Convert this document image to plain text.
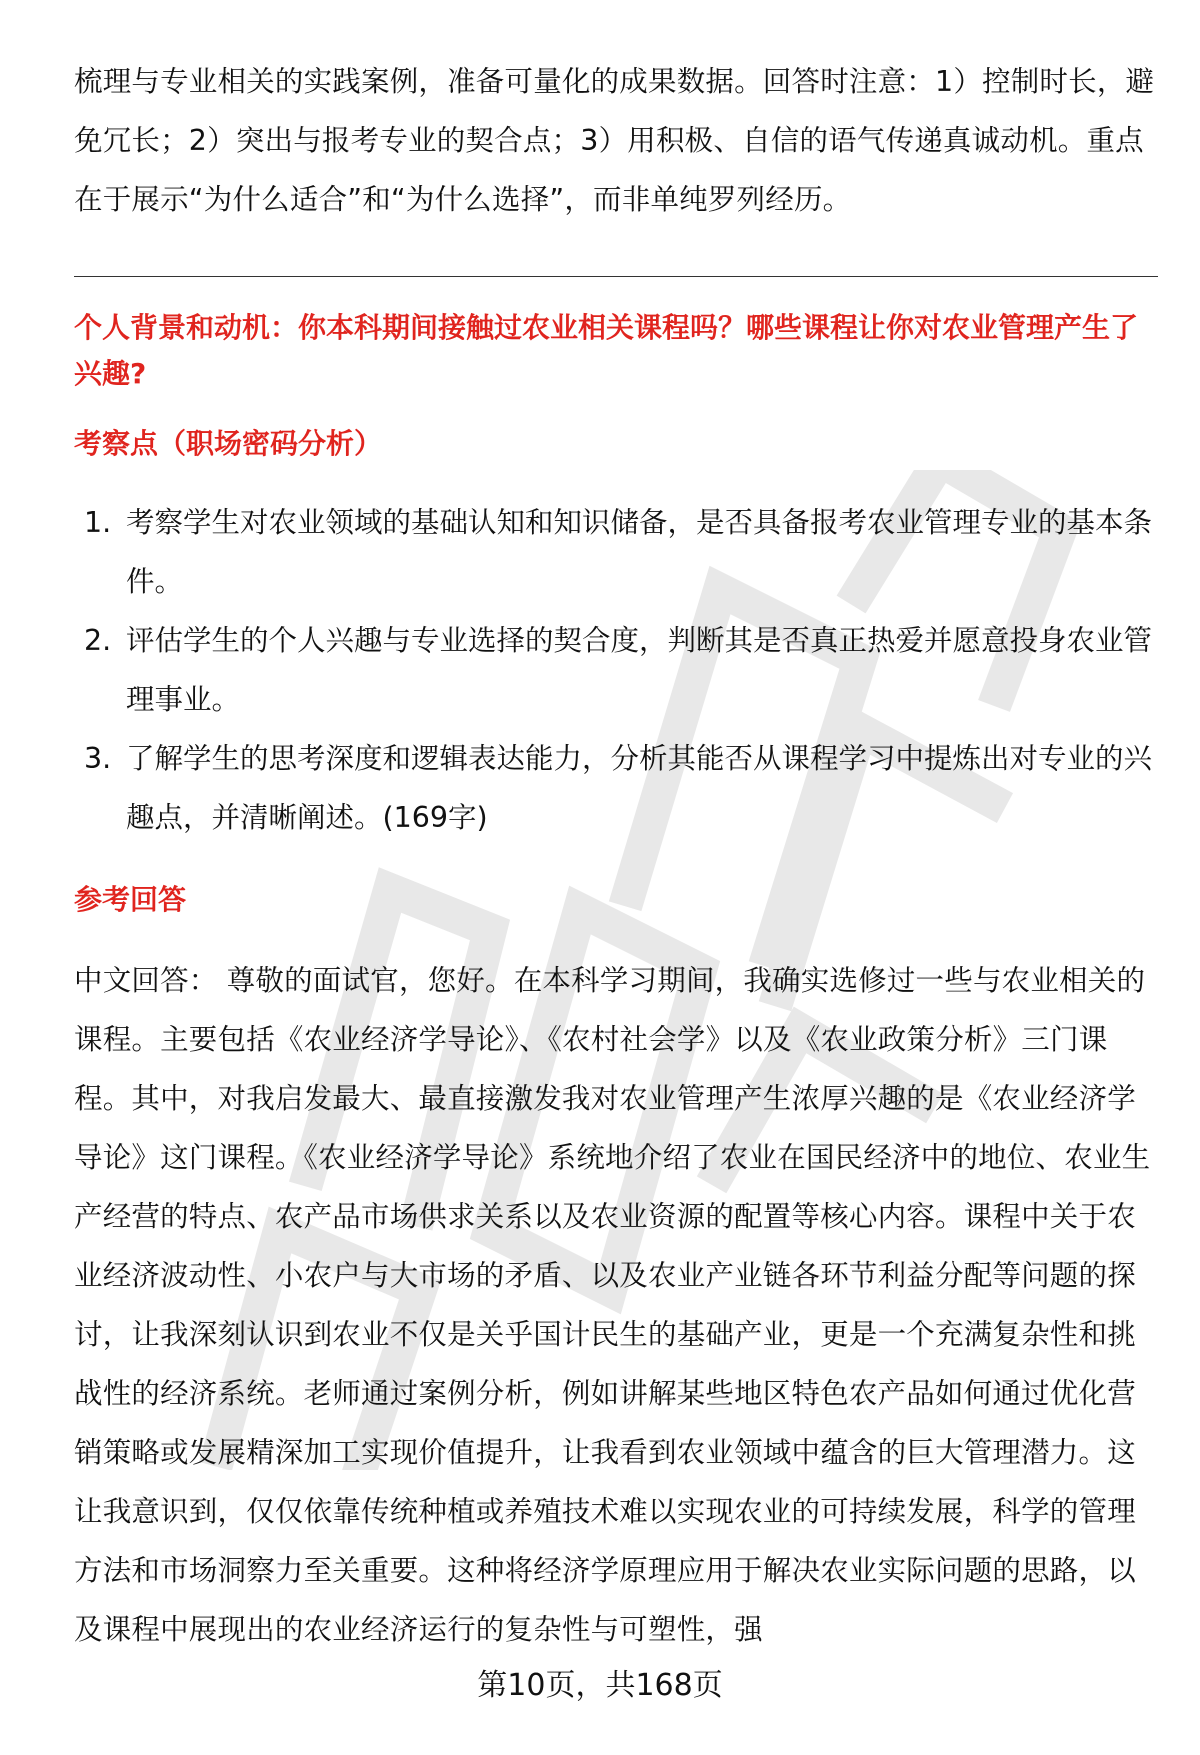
梳理与专业相关的实践案例，准备可量化的成果数据。回答时注意：1）控制时长，避免冗长；2）突出与报考专业的契合点；3）用积极、自信的语气传递真诚动机。重点在于展示“为什么适合”和“为什么选择”，而非单纯罗列经历。

个人背景和动机：你本科期间接触过农业相关课程吗？哪些课程让你对农业管理产生了兴趣?

考察点（职场密码分析）

1. 考察学生对农业领域的基础认知和知识储备，是否具备报考农业管理专业的基本条件。
2. 评估学生的个人兴趣与专业选择的契合度，判断其是否真正热爱并愿意投身农业管理事业。
3. 了解学生的思考深度和逻辑表达能力，分析其能否从课程学习中提炼出对专业的兴趣点，并清晰阐述。(169字)

参考回答

中文回答： 尊敬的面试官，您好。在本科学习期间，我确实选修过一些与农业相关的课程。主要包括《农业经济学导论》、《农村社会学》以及《农业政策分析》三门课程。其中，对我启发最大、最直接激发我对农业管理产生浓厚兴趣的是《农业经济学导论》这门课程。《农业经济学导论》系统地介绍了农业在国民经济中的地位、农业生产经营的特点、农产品市场供求关系以及农业资源的配置等核心内容。课程中关于农业经济波动性、小农户与大市场的矛盾、以及农业产业链各环节利益分配等问题的探讨，让我深刻认识到农业不仅是关乎国计民生的基础产业，更是一个充满复杂性和挑战性的经济系统。老师通过案例分析，例如讲解某些地区特色农产品如何通过优化营销策略或发展精深加工实现价值提升，让我看到农业领域中蕴含的巨大管理潜力。这让我意识到，仅仅依靠传统种植或养殖技术难以实现农业的可持续发展，科学的管理方法和市场洞察力至关重要。这种将经济学原理应用于解决农业实际问题的思路，以及课程中展现出的农业经济运行的复杂性与可塑性，强

第10页，共168页
